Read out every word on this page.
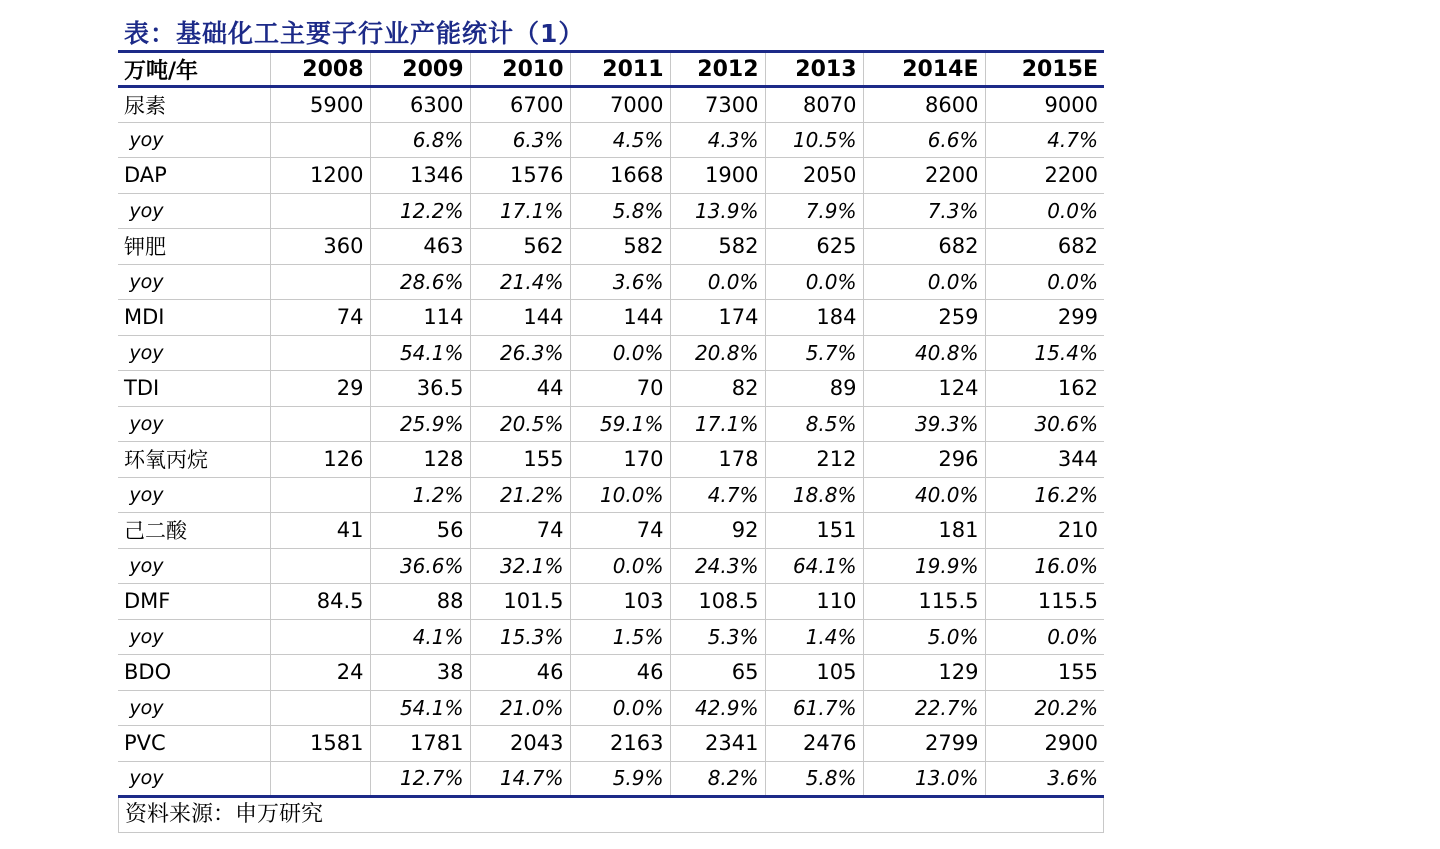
表：基础化工主要子行业产能统计（1）
万吨/年	2008	2009	2010	2011	2012	2013	2014E	2015E
尿素	5900	6300	6700	7000	7300	8070	8600	9000
yoy		6.8%	6.3%	4.5%	4.3%	10.5%	6.6%	4.7%
DAP	1200	1346	1576	1668	1900	2050	2200	2200
yoy		12.2%	17.1%	5.8%	13.9%	7.9%	7.3%	0.0%
钾肥	360	463	562	582	582	625	682	682
yoy		28.6%	21.4%	3.6%	0.0%	0.0%	0.0%	0.0%
MDI	74	114	144	144	174	184	259	299
yoy		54.1%	26.3%	0.0%	20.8%	5.7%	40.8%	15.4%
TDI	29	36.5	44	70	82	89	124	162
yoy		25.9%	20.5%	59.1%	17.1%	8.5%	39.3%	30.6%
环氧丙烷	126	128	155	170	178	212	296	344
yoy		1.2%	21.2%	10.0%	4.7%	18.8%	40.0%	16.2%
己二酸	41	56	74	74	92	151	181	210
yoy		36.6%	32.1%	0.0%	24.3%	64.1%	19.9%	16.0%
DMF	84.5	88	101.5	103	108.5	110	115.5	115.5
yoy		4.1%	15.3%	1.5%	5.3%	1.4%	5.0%	0.0%
BDO	24	38	46	46	65	105	129	155
yoy		54.1%	21.0%	0.0%	42.9%	61.7%	22.7%	20.2%
PVC	1581	1781	2043	2163	2341	2476	2799	2900
yoy		12.7%	14.7%	5.9%	8.2%	5.8%	13.0%	3.6%
资料来源：申万研究
